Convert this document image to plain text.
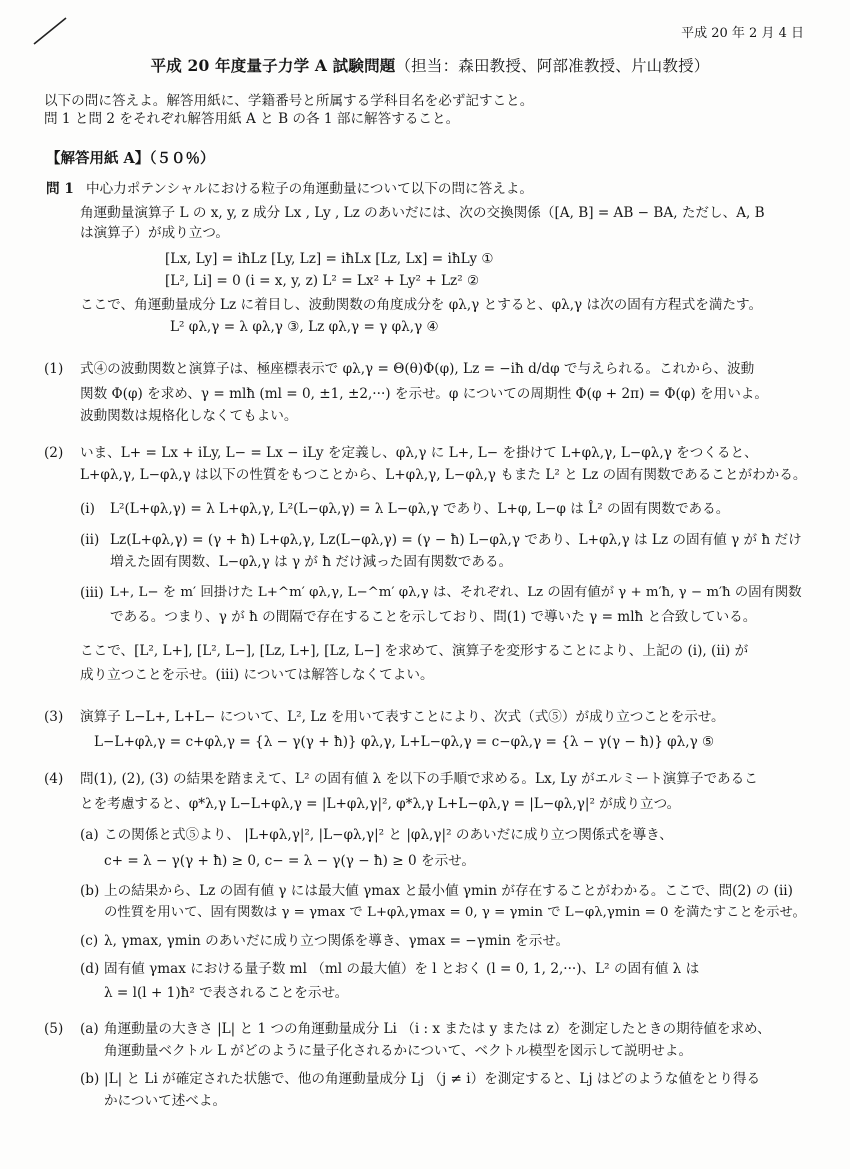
平成 20 年 2 月 4 日
平成 20 年度量子力学 A 試験問題（担当：森田教授、阿部准教授、片山教授）
以下の問に答えよ。解答用紙に、学籍番号と所属する学科目名を必ず記すこと。
問 1 と問 2 をそれぞれ解答用紙 A と B の各 1 部に解答すること。
【解答用紙 A】（５０％）
問 1 中心力ポテンシャルにおける粒子の角運動量について以下の問に答えよ。
角運動量演算子 L の x, y, z 成分 Lx , Ly , Lz のあいだには、次の交換関係（[A, B] = AB − BA, ただし、A, B
は演算子）が成り立つ。
[Lx, Ly] = iħLz [Ly, Lz] = iħLx [Lz, Lx] = iħLy ①
[L², Li] = 0 (i = x, y, z) L² = Lx² + Ly² + Lz² ②
ここで、角運動量成分 Lz に着目し、波動関数の角度成分を φλ,γ とすると、φλ,γ は次の固有方程式を満たす。
L² φλ,γ = λ φλ,γ ③, Lz φλ,γ = γ φλ,γ ④
(1) 式④の波動関数と演算子は、極座標表示で φλ,γ = Θ(θ)Φ(φ), Lz = −iħ d/dφ で与えられる。これから、波動
関数 Φ(φ) を求め、γ = mlħ (ml = 0, ±1, ±2,···) を示せ。φ についての周期性 Φ(φ + 2π) = Φ(φ) を用いよ。
波動関数は規格化しなくてもよい。
(2) いま、L+ = Lx + iLy, L− = Lx − iLy を定義し、φλ,γ に L+, L− を掛けて L+φλ,γ, L−φλ,γ をつくると、
L+φλ,γ, L−φλ,γ は以下の性質をもつことから、L+φλ,γ, L−φλ,γ もまた L² と Lz の固有関数であることがわかる。
(i) L²(L+φλ,γ) = λ L+φλ,γ, L²(L−φλ,γ) = λ L−φλ,γ であり、L+φ, L−φ は L̂² の固有関数である。
(ii) Lz(L+φλ,γ) = (γ + ħ) L+φλ,γ, Lz(L−φλ,γ) = (γ − ħ) L−φλ,γ であり、L+φλ,γ は Lz の固有値 γ が ħ だけ
増えた固有関数、L−φλ,γ は γ が ħ だけ減った固有関数である。
(iii) L+, L− を m′ 回掛けた L+^m′ φλ,γ, L−^m′ φλ,γ は、それぞれ、Lz の固有値が γ + m′ħ, γ − m′ħ の固有関数
である。つまり、γ が ħ の間隔で存在することを示しており、問(1) で導いた γ = mlħ と合致している。
ここで、[L², L+], [L², L−], [Lz, L+], [Lz, L−] を求めて、演算子を変形することにより、上記の (i), (ii) が
成り立つことを示せ。(iii) については解答しなくてよい。
(3) 演算子 L−L+, L+L− について、L², Lz を用いて表すことにより、次式（式⑤）が成り立つことを示せ。
L−L+φλ,γ = c+φλ,γ = {λ − γ(γ + ħ)} φλ,γ, L+L−φλ,γ = c−φλ,γ = {λ − γ(γ − ħ)} φλ,γ ⑤
(4) 問(1), (2), (3) の結果を踏まえて、L² の固有値 λ を以下の手順で求める。Lx, Ly がエルミート演算子であるこ
とを考慮すると、φ*λ,γ L−L+φλ,γ = |L+φλ,γ|², φ*λ,γ L+L−φλ,γ = |L−φλ,γ|² が成り立つ。
(a) この関係と式⑤より、 |L+φλ,γ|², |L−φλ,γ|² と |φλ,γ|² のあいだに成り立つ関係式を導き、
c+ = λ − γ(γ + ħ) ≥ 0, c− = λ − γ(γ − ħ) ≥ 0 を示せ。
(b) 上の結果から、Lz の固有値 γ には最大値 γmax と最小値 γmin が存在することがわかる。ここで、問(2) の (ii)
の性質を用いて、固有関数は γ = γmax で L+φλ,γmax = 0, γ = γmin で L−φλ,γmin = 0 を満たすことを示せ。
(c) λ, γmax, γmin のあいだに成り立つ関係を導き、γmax = −γmin を示せ。
(d) 固有値 γmax における量子数 ml （ml の最大値）を l とおく (l = 0, 1, 2,···)、L² の固有値 λ は
λ = l(l + 1)ħ² で表されることを示せ。
(5) (a) 角運動量の大きさ |L| と 1 つの角運動量成分 Li （i : x または y または z）を測定したときの期待値を求め、
角運動量ベクトル L がどのように量子化されるかについて、ベクトル模型を図示して説明せよ。
(b) |L| と Li が確定された状態で、他の角運動量成分 Lj （j ≠ i）を測定すると、Lj はどのような値をとり得る
かについて述べよ。
